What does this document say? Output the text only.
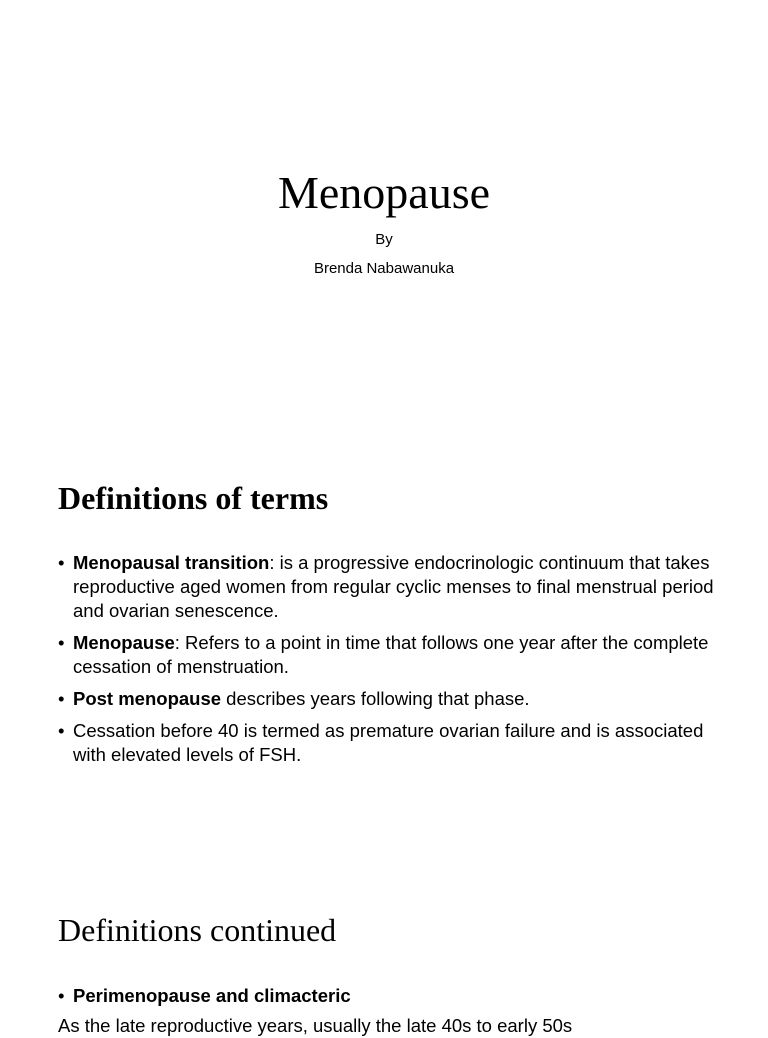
Menopause
By
Brenda Nabawanuka
Definitions of terms
• Menopausal transition: is a progressive endocrinologic continuum that takes reproductive aged women from regular cyclic menses to final menstrual period and ovarian senescence.
• Menopause: Refers to a point in time that follows one year after the complete cessation of menstruation.
• Post menopause describes years following that phase.
• Cessation before 40 is termed as premature ovarian failure and is associated with elevated levels of FSH.
Definitions continued
• Perimenopause and climacteric
As the late reproductive years, usually the late 40s to early 50s
